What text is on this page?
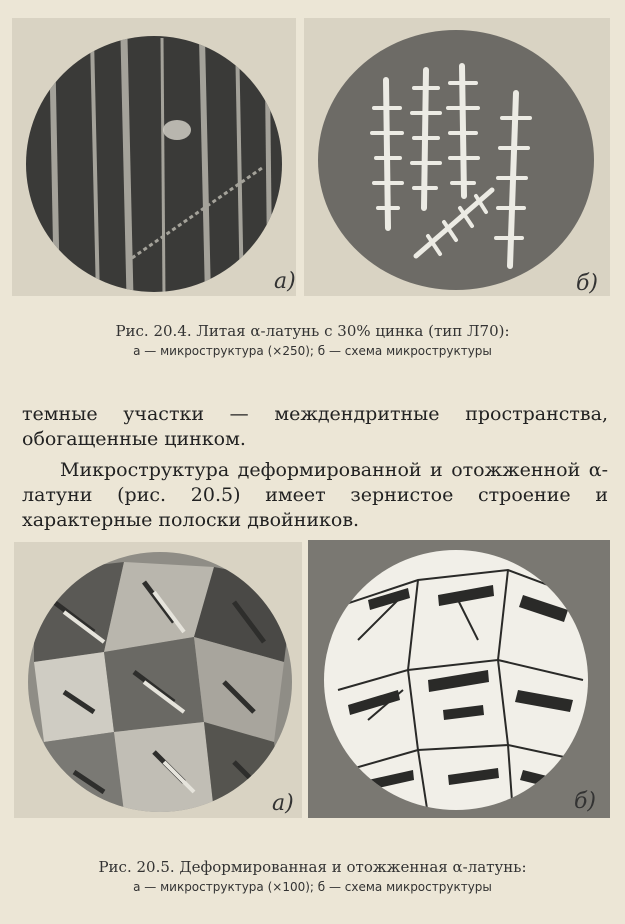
а)	б)
Рис. 20.4. Литая α-латунь с 30% цинка (тип Л70):
а — микроструктура (×250); б — схема микроструктуры

темные участки — междендритные пространства, обогащенные цинком.

Микроструктура деформированной и отожженной α-латуни (рис. 20.5) имеет зернистое строение и характерные полоски двойников.

а)	б)
Рис. 20.5. Деформированная и отожженная α-латунь:
а — микроструктура (×100); б — схема микроструктуры
